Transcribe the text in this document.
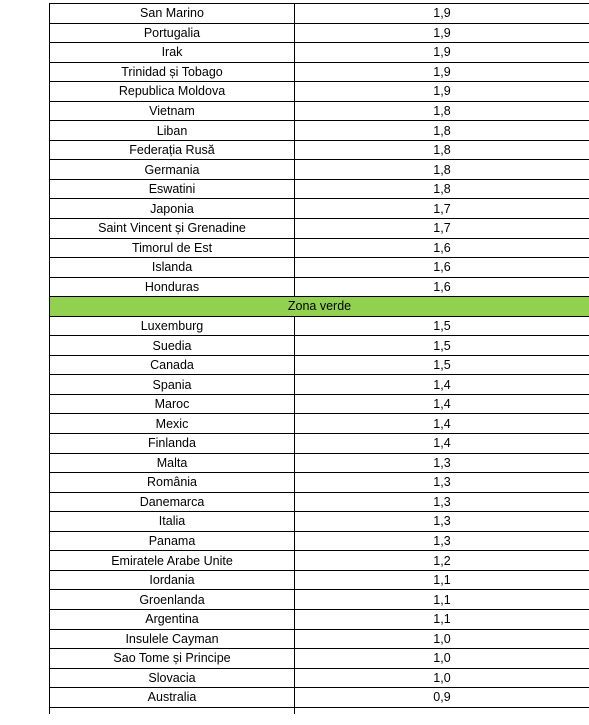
San Marino	1,9
Portugalia	1,9
Irak	1,9
Trinidad și Tobago	1,9
Republica Moldova	1,9
Vietnam	1,8
Liban	1,8
Federația Rusă	1,8
Germania	1,8
Eswatini	1,8
Japonia	1,7
Saint Vincent și Grenadine	1,7
Timorul de Est	1,6
Islanda	1,6
Honduras	1,6
Zona verde	
Luxemburg	1,5
Suedia	1,5
Canada	1,5
Spania	1,4
Maroc	1,4
Mexic	1,4
Finlanda	1,4
Malta	1,3
România	1,3
Danemarca	1,3
Italia	1,3
Panama	1,3
Emiratele Arabe Unite	1,2
Iordania	1,1
Groenlanda	1,1
Argentina	1,1
Insulele Cayman	1,0
Sao Tome și Principe	1,0
Slovacia	1,0
Australia	0,9
